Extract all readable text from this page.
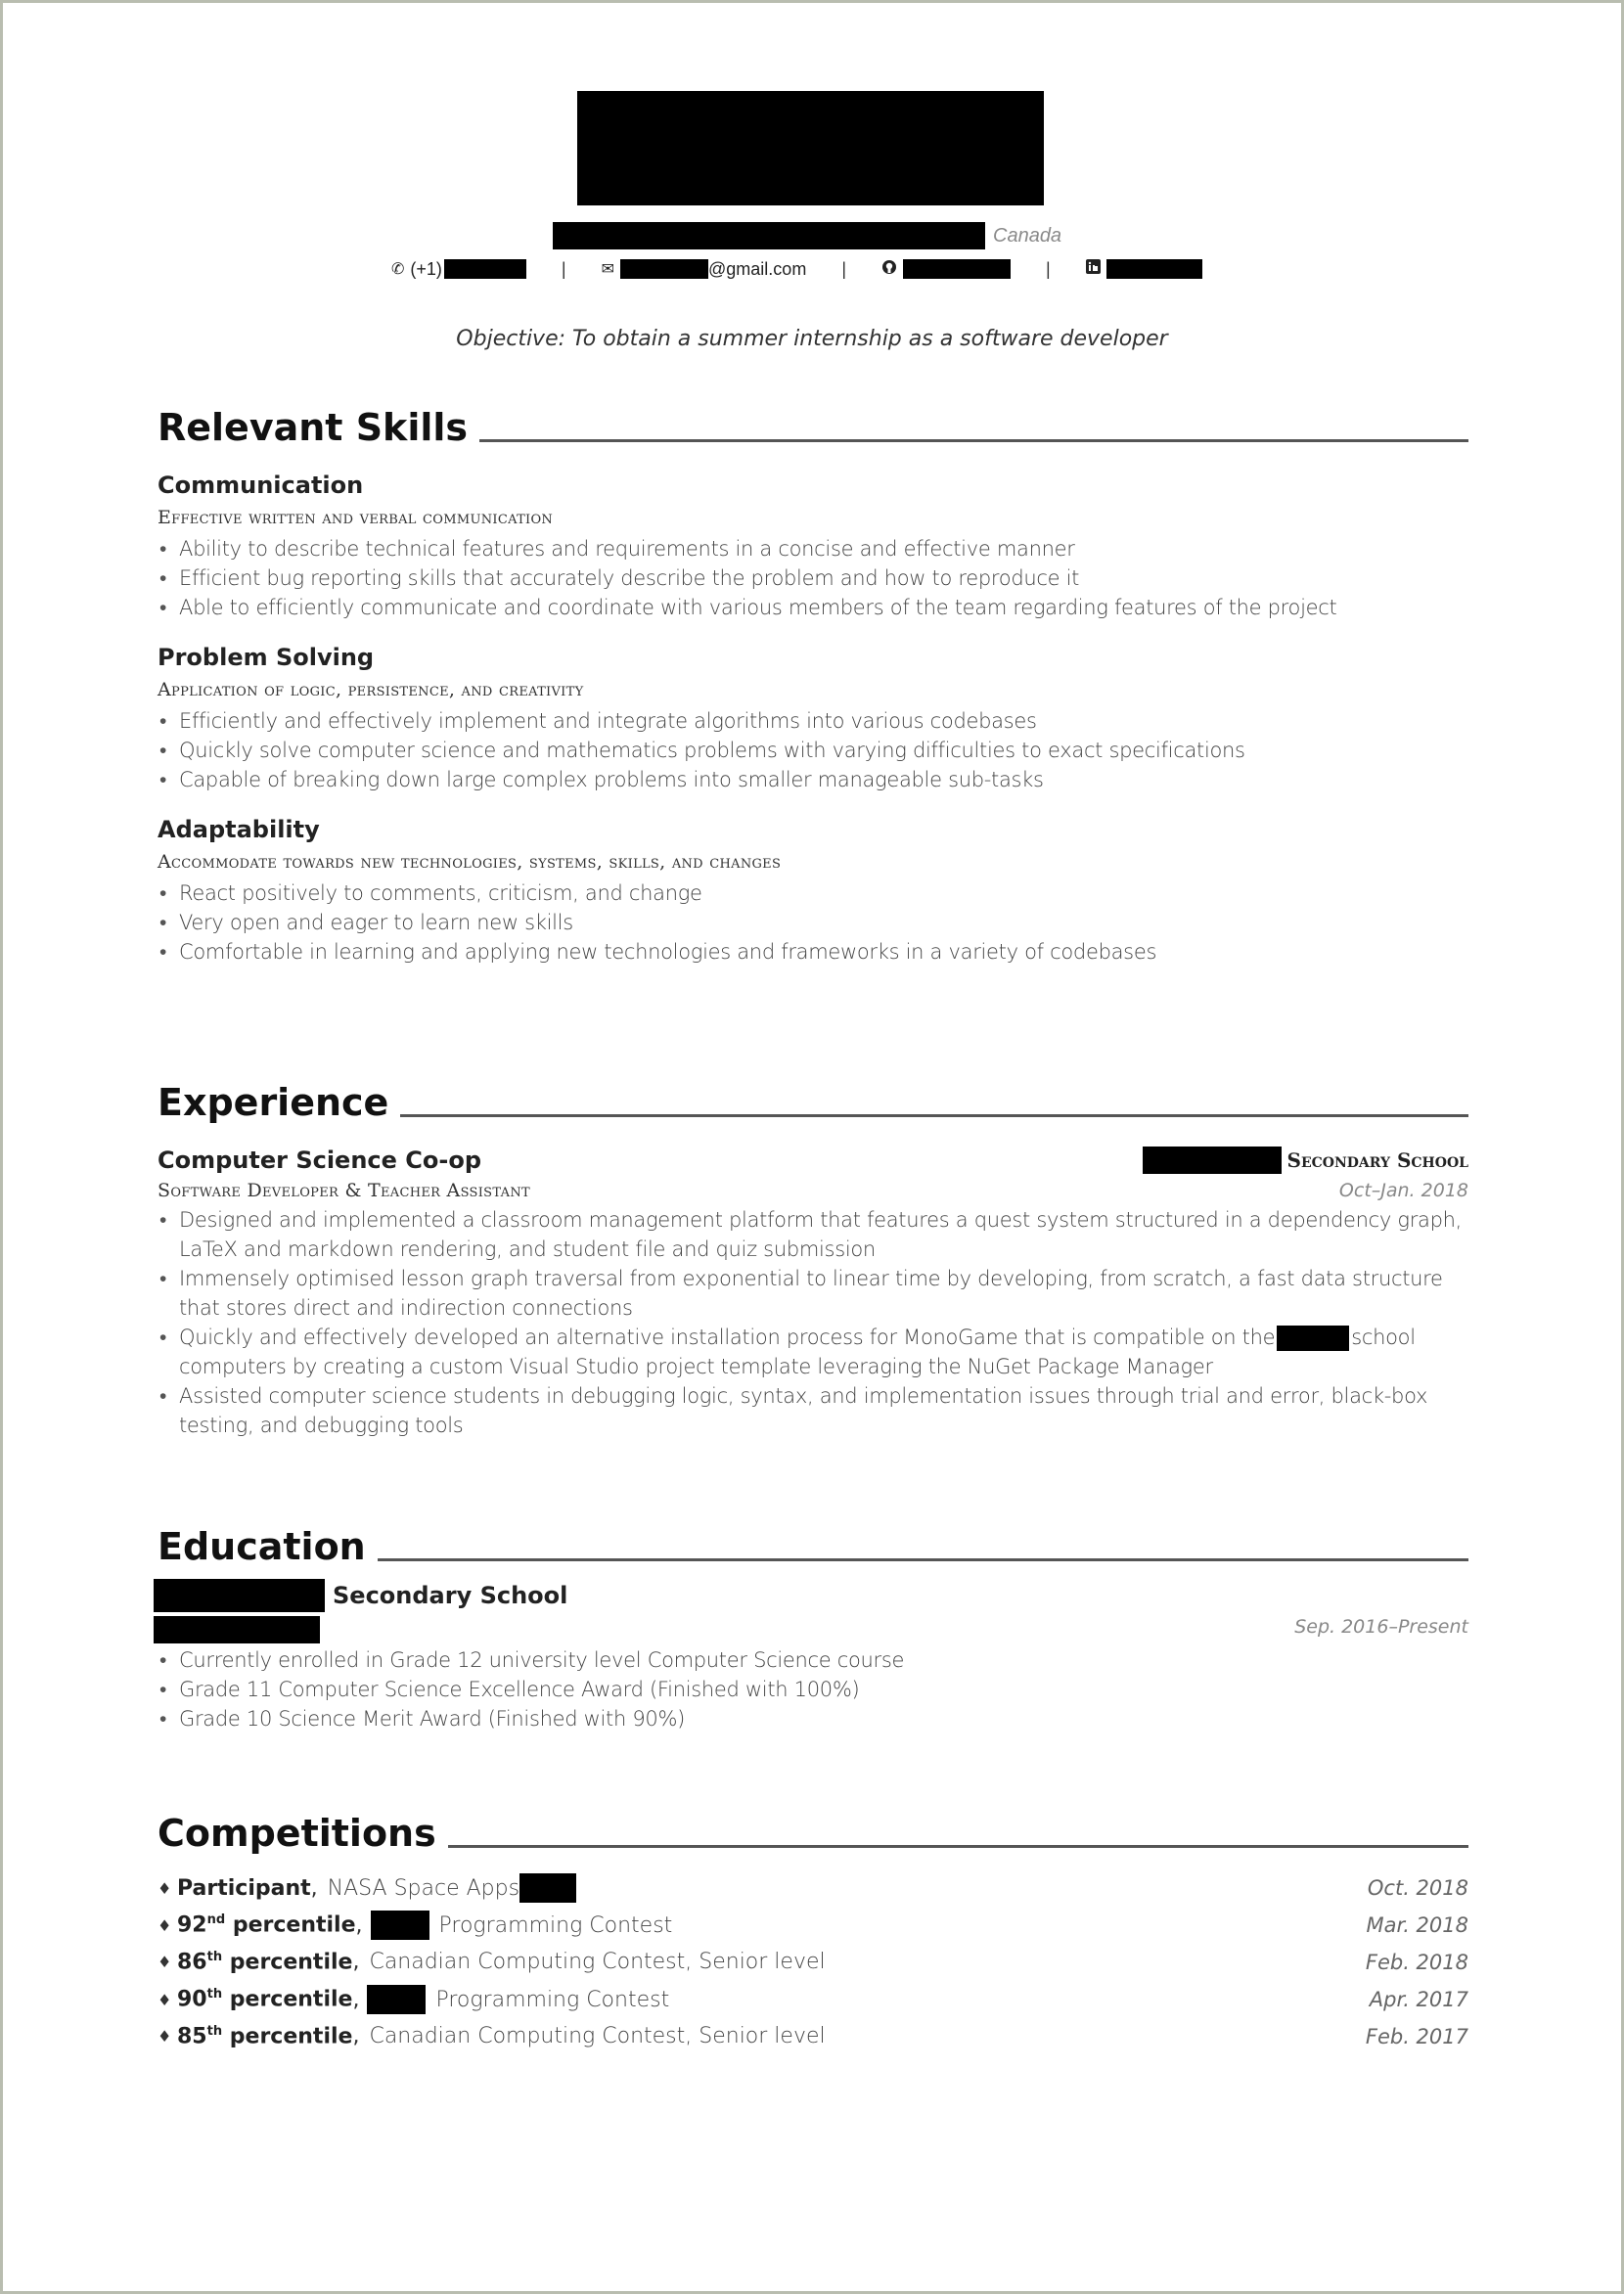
Canada
✆ (+1)	| ✉	@gmail.com |	|
Objective: To obtain a summer internship as a software developer
Relevant Skills
Communication
Effective written and verbal communication
• Ability to describe technical features and requirements in a concise and effective manner
• Efficient bug reporting skills that accurately describe the problem and how to reproduce it
• Able to efficiently communicate and coordinate with various members of the team regarding features of the project
Problem Solving
Application of logic, persistence, and creativity
• Efficiently and effectively implement and integrate algorithms into various codebases
• Quickly solve computer science and mathematics problems with varying difficulties to exact specifications
• Capable of breaking down large complex problems into smaller manageable sub-tasks
Adaptability
Accommodate towards new technologies, systems, skills, and changes
• React positively to comments, criticism, and change
• Very open and eager to learn new skills
• Comfortable in learning and applying new technologies and frameworks in a variety of codebases
Experience
Computer Science Co-op	Secondary School
Software Developer & Teacher Assistant	Oct–Jan. 2018
• Designed and implemented a classroom management platform that features a quest system structured in a dependency graph, LaTeX and markdown rendering, and student file and quiz submission
• Immensely optimised lesson graph traversal from exponential to linear time by developing, from scratch, a fast data structure that stores direct and indirection connections
• Quickly and effectively developed an alternative installation process for MonoGame that is compatible on the	school computers by creating a custom Visual Studio project template leveraging the NuGet Package Manager
• Assisted computer science students in debugging logic, syntax, and implementation issues through trial and error, black-box testing, and debugging tools
Education
Secondary School
Sep. 2016–Present
• Currently enrolled in Grade 12 university level Computer Science course
• Grade 11 Computer Science Excellence Award (Finished with 100%)
• Grade 10 Science Merit Award (Finished with 90%)
Competitions
♦ Participant , NASA Space Apps	Oct. 2018
♦ 92nd percentile ,	Programming Contest	Mar. 2018
♦ 86th percentile , Canadian Computing Contest, Senior level	Feb. 2018
♦ 90th percentile ,	Programming Contest	Apr. 2017
♦ 85th percentile , Canadian Computing Contest, Senior level	Feb. 2017
